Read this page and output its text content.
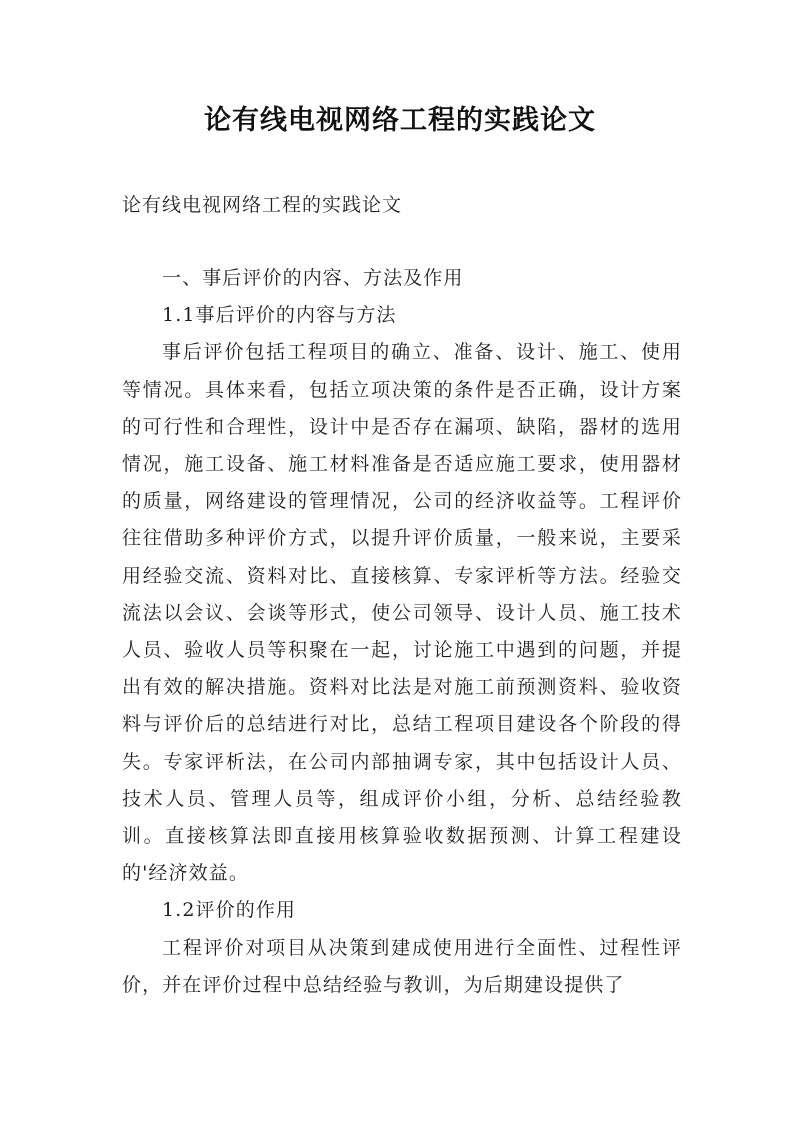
论有线电视网络工程的实践论文

论有线电视网络工程的实践论文

一、事后评价的内容、方法及作用

1.1事后评价的内容与方法

事后评价包括工程项目的确立、准备、设计、施工、使用等情况。具体来看，包括立项决策的条件是否正确，设计方案的可行性和合理性，设计中是否存在漏项、缺陷，器材的选用情况，施工设备、施工材料准备是否适应施工要求，使用器材的质量，网络建设的管理情况，公司的经济收益等。工程评价往往借助多种评价方式，以提升评价质量，一般来说，主要采用经验交流、资料对比、直接核算、专家评析等方法。经验交流法以会议、会谈等形式，使公司领导、设计人员、施工技术人员、验收人员等积聚在一起，讨论施工中遇到的问题，并提出有效的解决措施。资料对比法是对施工前预测资料、验收资料与评价后的总结进行对比，总结工程项目建设各个阶段的得失。专家评析法，在公司内部抽调专家，其中包括设计人员、技术人员、管理人员等，组成评价小组，分析、总结经验教训。直接核算法即直接用核算验收数据预测、计算工程建设的'经济效益。

1.2评价的作用

工程评价对项目从决策到建成使用进行全面性、过程性评价，并在评价过程中总结经验与教训，为后期建设提供了
